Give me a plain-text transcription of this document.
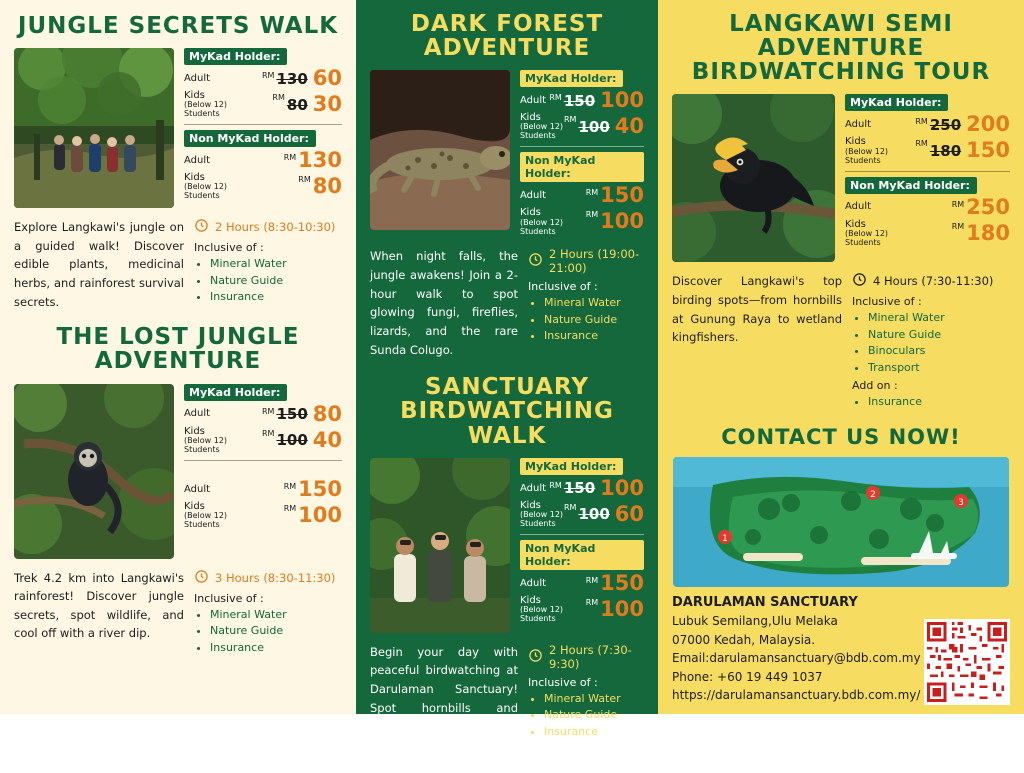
JUNGLE SECRETS WALK
MyKad Holder:
Adult	RM 130 60
Kids
(Below 12)
Students
RM 80 30
Non MyKad Holder:
Adult	RM 130
Kids
(Below 12)
Students
RM 80
Explore Langkawi's jungle on a guided walk! Discover edible plants, medicinal herbs, and rainforest survival secrets.
2 Hours (8:30-10:30)
Inclusive of :
• Mineral Water
• Nature Guide
• Insurance
THE LOST JUNGLE ADVENTURE
MyKad Holder:
Adult	RM 150 80
Kids
(Below 12)
Students
RM 100 40
Adult	RM 150
Kids
(Below 12)
Students
RM 100
Trek 4.2 km into Langkawi's rainforest! Discover jungle secrets, spot wildlife, and cool off with a river dip.
3 Hours (8:30-11:30)
Inclusive of :
• Mineral Water
• Nature Guide
• Insurance
DARK FOREST ADVENTURE
MyKad Holder:
Adult RM 150 100
Kids
(Below 12)
Students
RM 100 40
Non MyKad Holder:
Adult	RM 150
Kids
(Below 12)
Students
RM 100
When night falls, the jungle awakens! Join a 2-hour walk to spot glowing fungi, fireflies, lizards, and the rare Sunda Colugo.
2 Hours (19:00-21:00)
Inclusive of :
• Mineral Water
• Nature Guide
• Insurance
SANCTUARY BIRDWATCHING WALK
MyKad Holder:
Adult RM 150 100
Kids
(Below 12)
Students
RM 100 60
Non MyKad Holder:
Adult	RM 150
Kids
(Below 12)
Students
RM 100
Begin your day with peaceful birdwatching at Darulaman Sanctuary! Spot hornbills and sunbirds amid jungle views and morning melodies.
2 Hours (7:30-9:30)
Inclusive of :
• Mineral Water
• Nature Guide
• Insurance
LANGKAWI SEMI ADVENTURE BIRDWATCHING TOUR
MyKad Holder:
Adult	RM 250 200
Kids
(Below 12)
Students
RM 180 150
Non MyKad Holder:
Adult	RM 250
Kids
(Below 12)
Students
RM 180
Discover Langkawi's top birding spots—from hornbills at Gunung Raya to wetland kingfishers.
4 Hours (7:30-11:30)
Inclusive of :
• Mineral Water
• Nature Guide
• Binoculars
• Transport
Add on :
• Insurance
CONTACT US NOW!
1
2
3
DARULAMAN SANCTUARY
Lubuk Semilang,Ulu Melaka
07000 Kedah, Malaysia.
Email:darulamansanctuary@bdb.com.my
Phone: +60 19 449 1037
https://darulamansanctuary.bdb.com.my/
